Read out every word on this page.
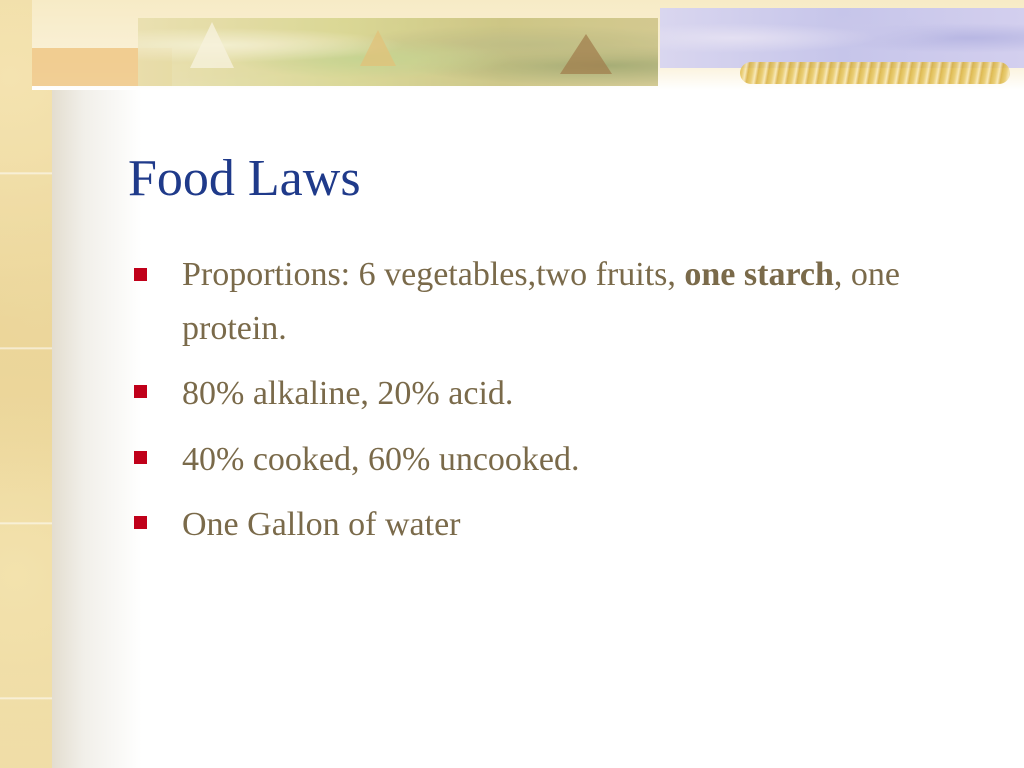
Food Laws
Proportions: 6 vegetables,two fruits, one starch, one protein.
80% alkaline, 20% acid.
40% cooked, 60% uncooked.
One Gallon of water
